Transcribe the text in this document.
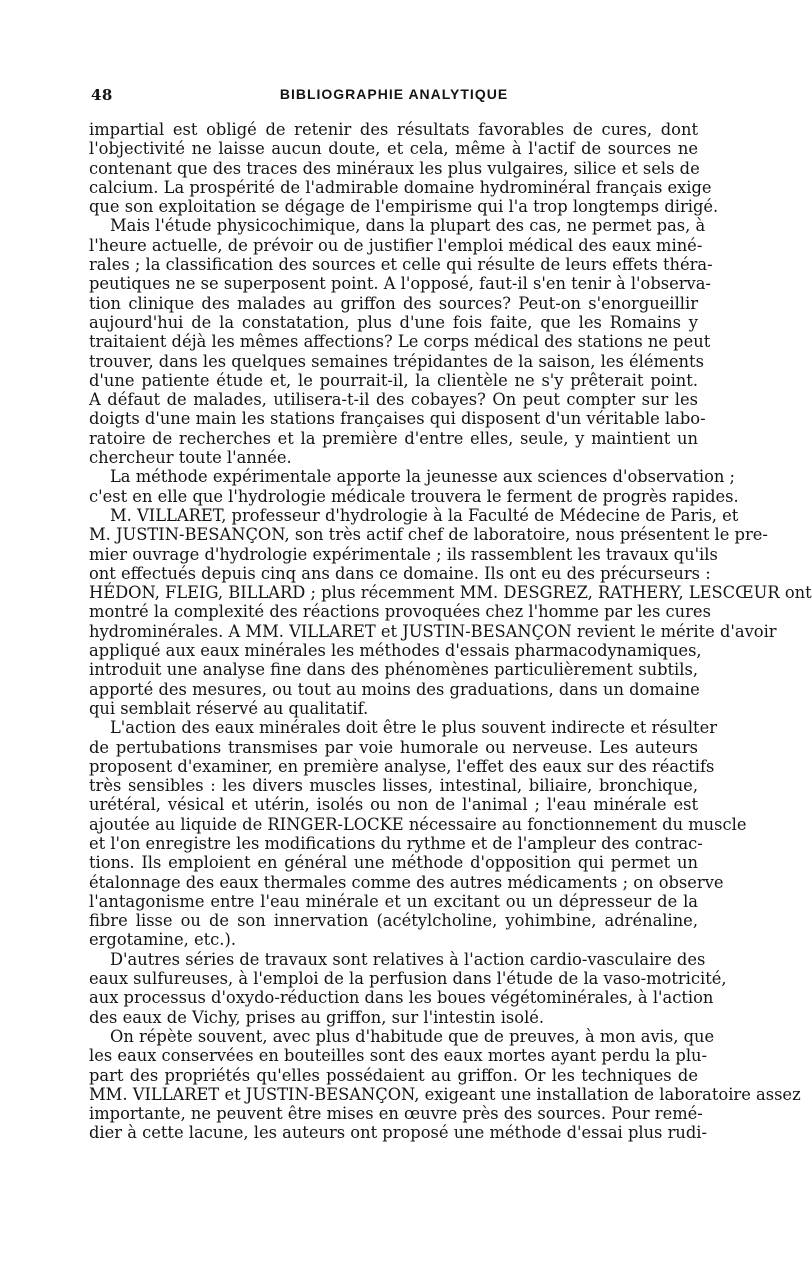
48	BIBLIOGRAPHIE ANALYTIQUE
impartial est obligé de retenir des résultats favorables de cures, dont
l'objectivité ne laisse aucun doute, et cela, même à l'actif de sources ne
contenant que des traces des minéraux les plus vulgaires, silice et sels de
calcium. La prospérité de l'admirable domaine hydrominéral français exige
que son exploitation se dégage de l'empirisme qui l'a trop longtemps dirigé.
Mais l'étude physicochimique, dans la plupart des cas, ne permet pas, à
l'heure actuelle, de prévoir ou de justifier l'emploi médical des eaux miné-
rales ; la classification des sources et celle qui résulte de leurs effets théra-
peutiques ne se superposent point. A l'opposé, faut-il s'en tenir à l'observa-
tion clinique des malades au griffon des sources? Peut-on s'enorgueillir
aujourd'hui de la constatation, plus d'une fois faite, que les Romains y
traitaient déjà les mêmes affections? Le corps médical des stations ne peut
trouver, dans les quelques semaines trépidantes de la saison, les éléments
d'une patiente étude et, le pourrait-il, la clientèle ne s'y prêterait point.
A défaut de malades, utilisera-t-il des cobayes? On peut compter sur les
doigts d'une main les stations françaises qui disposent d'un véritable labo-
ratoire de recherches et la première d'entre elles, seule, y maintient un
chercheur toute l'année.
La méthode expérimentale apporte la jeunesse aux sciences d'observation ;
c'est en elle que l'hydrologie médicale trouvera le ferment de progrès rapides.
M. VILLARET, professeur d'hydrologie à la Faculté de Médecine de Paris, et
M. JUSTIN-BESANÇON, son très actif chef de laboratoire, nous présentent le pre-
mier ouvrage d'hydrologie expérimentale ; ils rassemblent les travaux qu'ils
ont effectués depuis cinq ans dans ce domaine. Ils ont eu des précurseurs :
HÉDON, FLEIG, BILLARD ; plus récemment MM. DESGREZ, RATHERY, LESCŒUR ont
montré la complexité des réactions provoquées chez l'homme par les cures
hydrominérales. A MM. VILLARET et JUSTIN-BESANÇON revient le mérite d'avoir
appliqué aux eaux minérales les méthodes d'essais pharmacodynamiques,
introduit une analyse fine dans des phénomènes particulièrement subtils,
apporté des mesures, ou tout au moins des graduations, dans un domaine
qui semblait réservé au qualitatif.
L'action des eaux minérales doit être le plus souvent indirecte et résulter
de pertubations transmises par voie humorale ou nerveuse. Les auteurs
proposent d'examiner, en première analyse, l'effet des eaux sur des réactifs
très sensibles : les divers muscles lisses, intestinal, biliaire, bronchique,
urétéral, vésical et utérin, isolés ou non de l'animal ; l'eau minérale est
ajoutée au liquide de RINGER-LOCKE nécessaire au fonctionnement du muscle
et l'on enregistre les modifications du rythme et de l'ampleur des contrac-
tions. Ils emploient en général une méthode d'opposition qui permet un
étalonnage des eaux thermales comme des autres médicaments ; on observe
l'antagonisme entre l'eau minérale et un excitant ou un dépresseur de la
fibre lisse ou de son innervation (acétylcholine, yohimbine, adrénaline,
ergotamine, etc.).
D'autres séries de travaux sont relatives à l'action cardio-vasculaire des
eaux sulfureuses, à l'emploi de la perfusion dans l'étude de la vaso-motricité,
aux processus d'oxydo-réduction dans les boues végétominérales, à l'action
des eaux de Vichy, prises au griffon, sur l'intestin isolé.
On répète souvent, avec plus d'habitude que de preuves, à mon avis, que
les eaux conservées en bouteilles sont des eaux mortes ayant perdu la plu-
part des propriétés qu'elles possédaient au griffon. Or les techniques de
MM. VILLARET et JUSTIN-BESANÇON, exigeant une installation de laboratoire assez
importante, ne peuvent être mises en œuvre près des sources. Pour remé-
dier à cette lacune, les auteurs ont proposé une méthode d'essai plus rudi-
